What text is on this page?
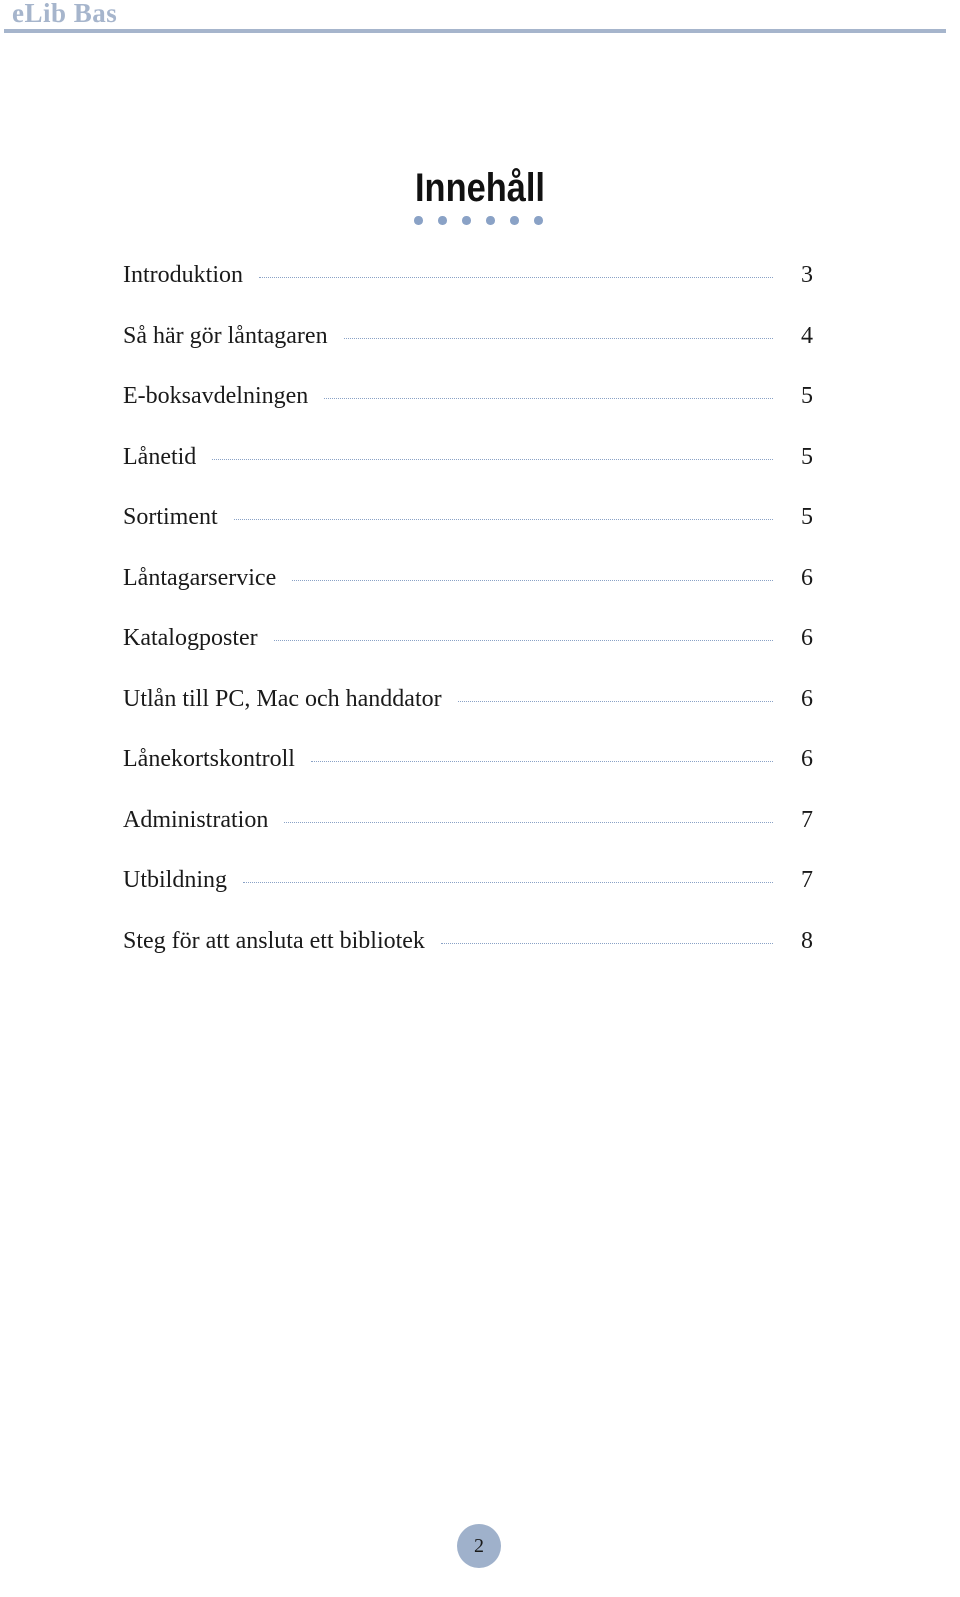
eLib Bas
Innehåll
Introduktion	3
Så här gör låntagaren	4
E-boksavdelningen	5
Lånetid	5
Sortiment	5
Låntagarservice	6
Katalogposter	6
Utlån till PC, Mac och handdator	6
Lånekortskontroll	6
Administration	7
Utbildning	7
Steg för att ansluta ett bibliotek	8
2
